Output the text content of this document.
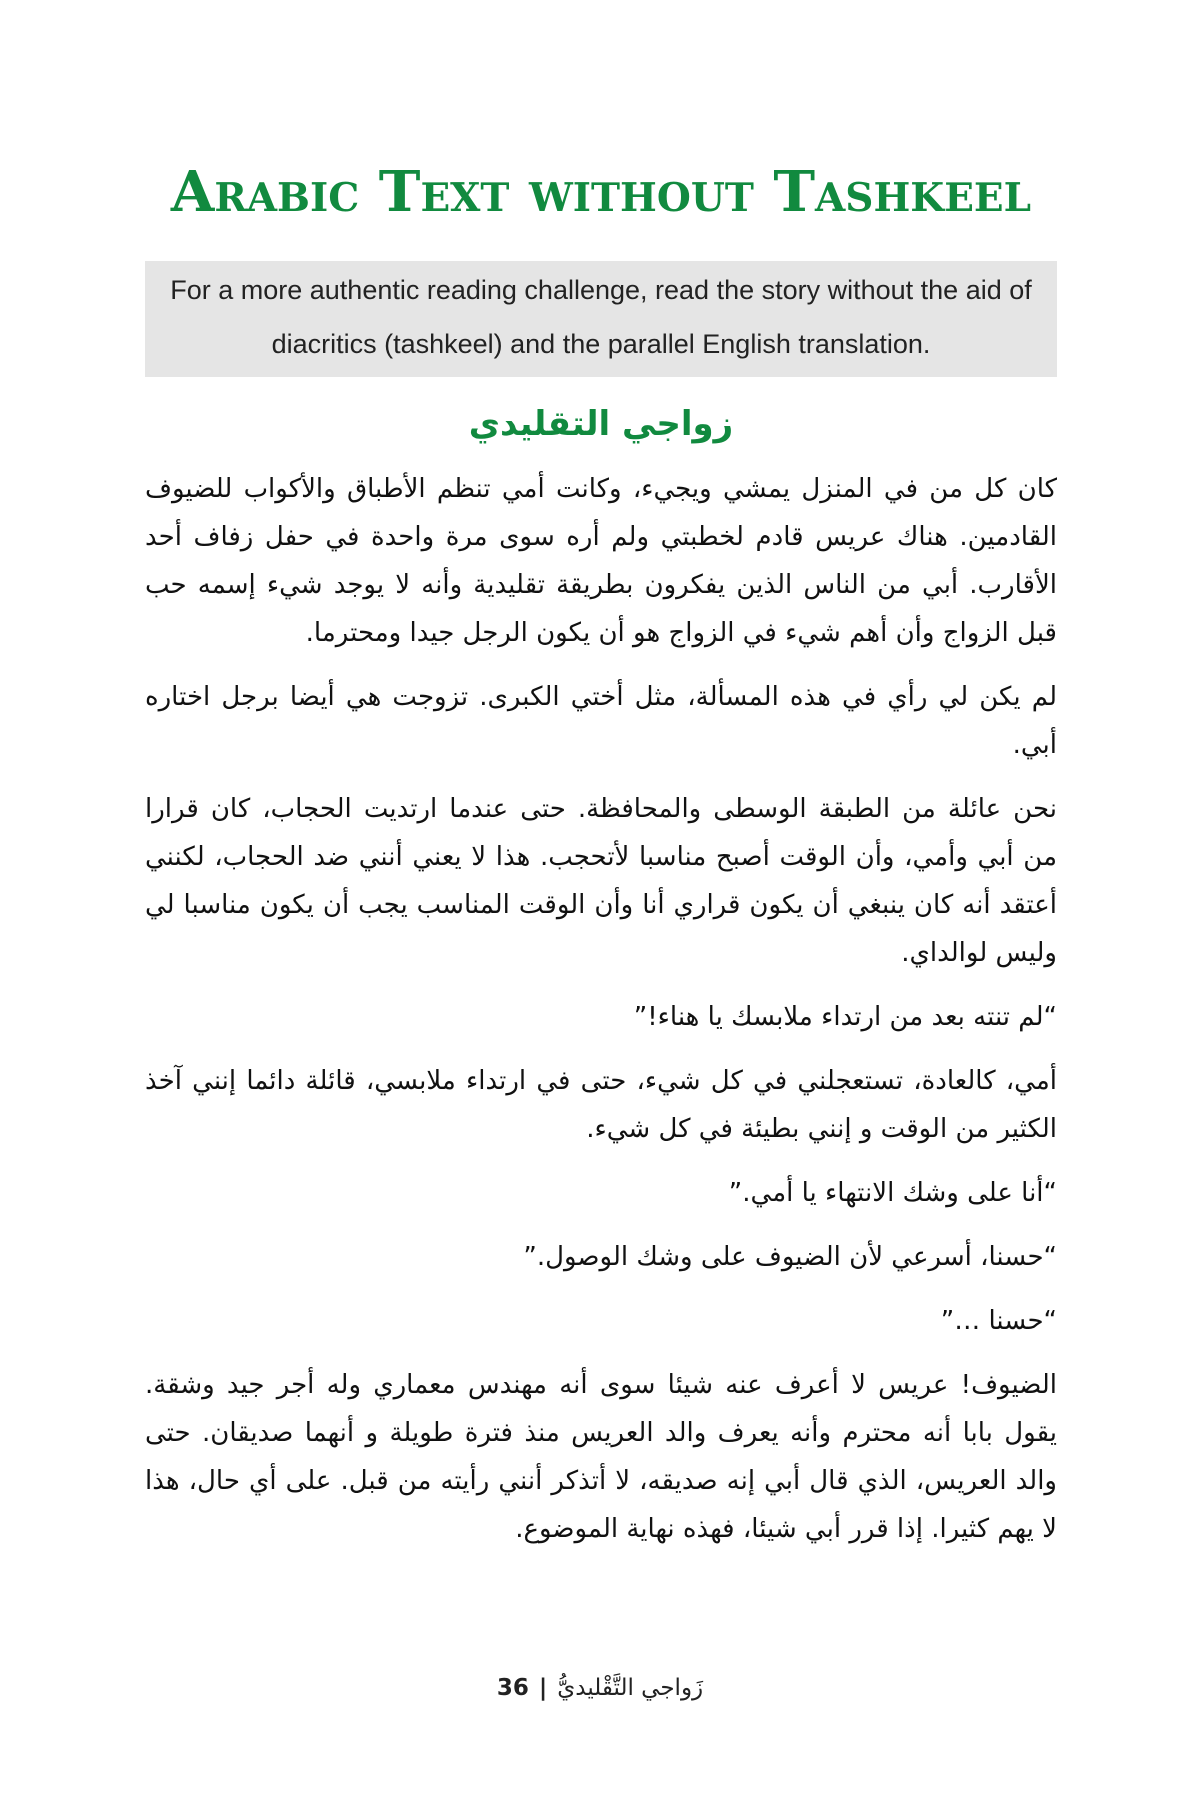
Arabic Text without Tashkeel
For a more authentic reading challenge, read the story without the aid of diacritics (tashkeel) and the parallel English translation.
زواجي التقليدي

كان كل من في المنزل يمشي ويجيء، وكانت أمي تنظم الأطباق والأكواب للضيوف القادمين. هناك عريس قادم لخطبتي ولم أره سوى مرة واحدة في حفل زفاف أحد الأقارب. أبي من الناس الذين يفكرون بطريقة تقليدية وأنه لا يوجد شيء إسمه حب قبل الزواج وأن أهم شيء في الزواج هو أن يكون الرجل جيدا ومحترما.

لم يكن لي رأي في هذه المسألة، مثل أختي الكبرى. تزوجت هي أيضا برجل اختاره أبي.

نحن عائلة من الطبقة الوسطى والمحافظة. حتى عندما ارتديت الحجاب، كان قرارا من أبي وأمي، وأن الوقت أصبح مناسبا لأتحجب. هذا لا يعني أنني ضد الحجاب، لكنني أعتقد أنه كان ينبغي أن يكون قراري أنا وأن الوقت المناسب يجب أن يكون مناسبا لي وليس لوالداي.

“لم تنته بعد من ارتداء ملابسك يا هناء!”

أمي، كالعادة، تستعجلني في كل شيء، حتى في ارتداء ملابسي، قائلة دائما إنني آخذ الكثير من الوقت و إنني بطيئة في كل شيء.

“أنا على وشك الانتهاء يا أمي.”

“حسنا، أسرعي لأن الضيوف على وشك الوصول.”

“حسنا …”

الضيوف! عريس لا أعرف عنه شيئا سوى أنه مهندس معماري وله أجر جيد وشقة. يقول بابا أنه محترم وأنه يعرف والد العريس منذ فترة طويلة و أنهما صديقان. حتى والد العريس، الذي قال أبي إنه صديقه، لا أتذكر أنني رأيته من قبل. على أي حال، هذا لا يهم كثيرا. إذا قرر أبي شيئا، فهذه نهاية الموضوع.

36 | زَواجي التَّقْليديُّ
